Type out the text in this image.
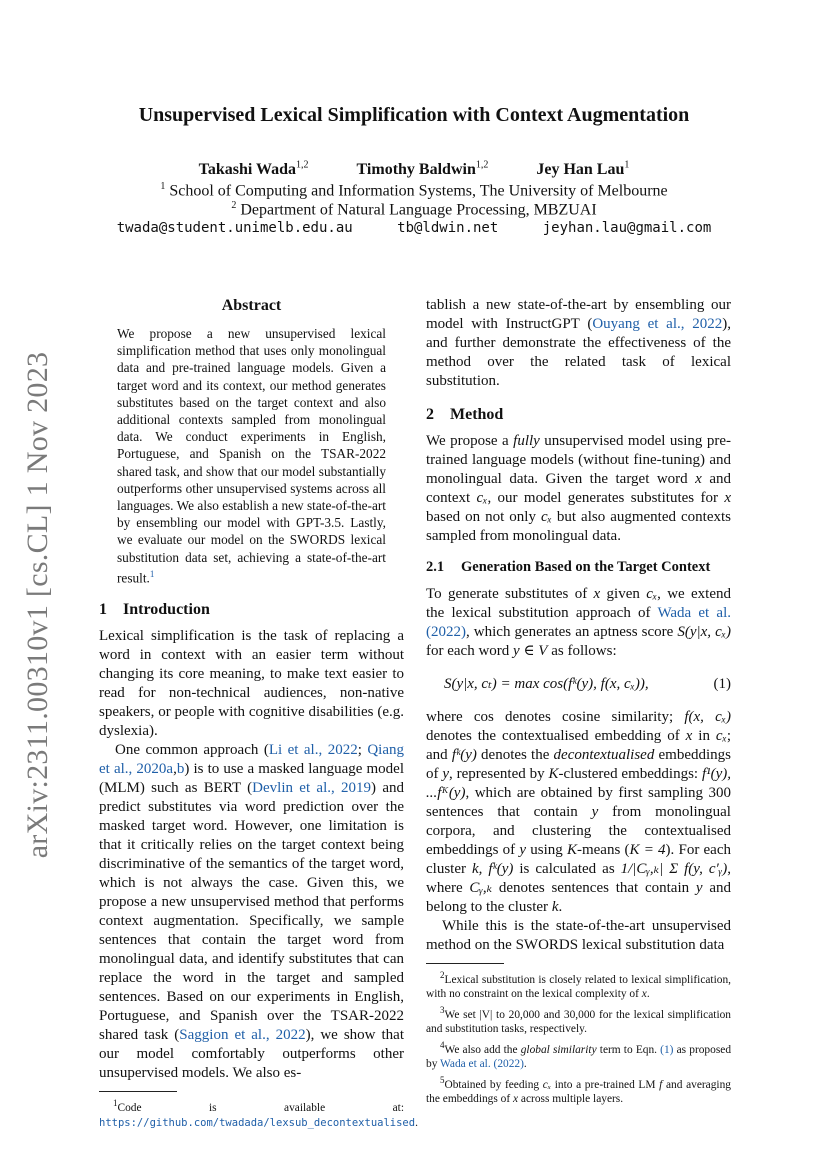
arXiv:2311.00310v1 [cs.CL] 1 Nov 2023
Unsupervised Lexical Simplification with Context Augmentation
Takashi Wada$^{1,2}$	Timothy Baldwin$^{1,2}$	Jey Han Lau$^1$
$^1$ School of Computing and Information Systems, The University of Melbourne
$^2$ Department of Natural Language Processing, MBZUAI
twada@student.unimelb.edu.au	tb@ldwin.net	jeyhan.lau@gmail.com
Abstract
We propose a new unsupervised lexical simplification method that uses only monolingual data and pre-trained language models. Given a target word and its context, our method generates substitutes based on the target context and also additional contexts sampled from monolingual data. We conduct experiments in English, Portuguese, and Spanish on the TSAR-2022 shared task, and show that our model substantially outperforms other unsupervised systems across all languages. We also establish a new state-of-the-art by ensembling our model with GPT-3.5. Lastly, we evaluate our model on the SWORDS lexical substitution data set, achieving a state-of-the-art result.$^1$
1 Introduction

Lexical simplification is the task of replacing a word in context with an easier term without changing its core meaning, to make text easier to read for non-technical audiences, non-native speakers, or people with cognitive disabilities (e.g. dyslexia).

One common approach (Li et al., 2022; Qiang et al., 2020a,b) is to use a masked language model (MLM) such as BERT (Devlin et al., 2019) and predict substitutes via word prediction over the masked target word. However, one limitation is that it critically relies on the target context being discriminative of the semantics of the target word, which is not always the case. Given this, we propose a new unsupervised method that performs context augmentation. Specifically, we sample sentences that contain the target word from monolingual data, and identify substitutes that can replace the word in the target and sampled sentences. Based on our experiments in English, Portuguese, and Spanish over the TSAR-2022 shared task (Saggion et al., 2022), we show that our model comfortably outperforms other unsupervised models. We also es-

$^1$Code is available at: https://github.com/twadada/lexsub_decontextualised.

tablish a new state-of-the-art by ensembling our model with InstructGPT (Ouyang et al., 2022), and further demonstrate the effectiveness of the method over the related task of lexical substitution.

2 Method

We propose a fully unsupervised model using pre-trained language models (without fine-tuning) and monolingual data. Given the target word x and context cₓ, our model generates substitutes for x based on not only cₓ but also augmented contexts sampled from monolingual data.

2.1 Generation Based on the Target Context

To generate substitutes of x given cₓ, we extend the lexical substitution approach of Wada et al. (2022), which generates an aptness score S(y|x, cₓ) for each word y ∈ V as follows:

S(y|x, cₜ) = max cos(fᵏ(y), f(x, cₓ)),	(1)

where cos denotes cosine similarity; f(x, cₓ) denotes the contextualised embedding of x in cₓ; and fᵏ(y) denotes the decontextualised embeddings of y, represented by K-clustered embeddings: f¹(y), ...fᴷ(y), which are obtained by first sampling 300 sentences that contain y from monolingual corpora, and clustering the contextualised embeddings of y using K-means (K = 4). For each cluster k, fᵏ(y) is calculated as 1/|Cᵧ,ₖ| Σ f(y, c′ᵧ), where Cᵧ,ₖ denotes sentences that contain y and belong to the cluster k.

While this is the state-of-the-art unsupervised method on the SWORDS lexical substitution data

$^2$Lexical substitution is closely related to lexical simplification, with no constraint on the lexical complexity of x.
$^3$We set |V| to 20,000 and 30,000 for the lexical simplification and substitution tasks, respectively.
$^4$We also add the global similarity term to Eqn. (1) as proposed by Wada et al. (2022).
$^5$Obtained by feeding cₓ into a pre-trained LM f and averaging the embeddings of x across multiple layers.
